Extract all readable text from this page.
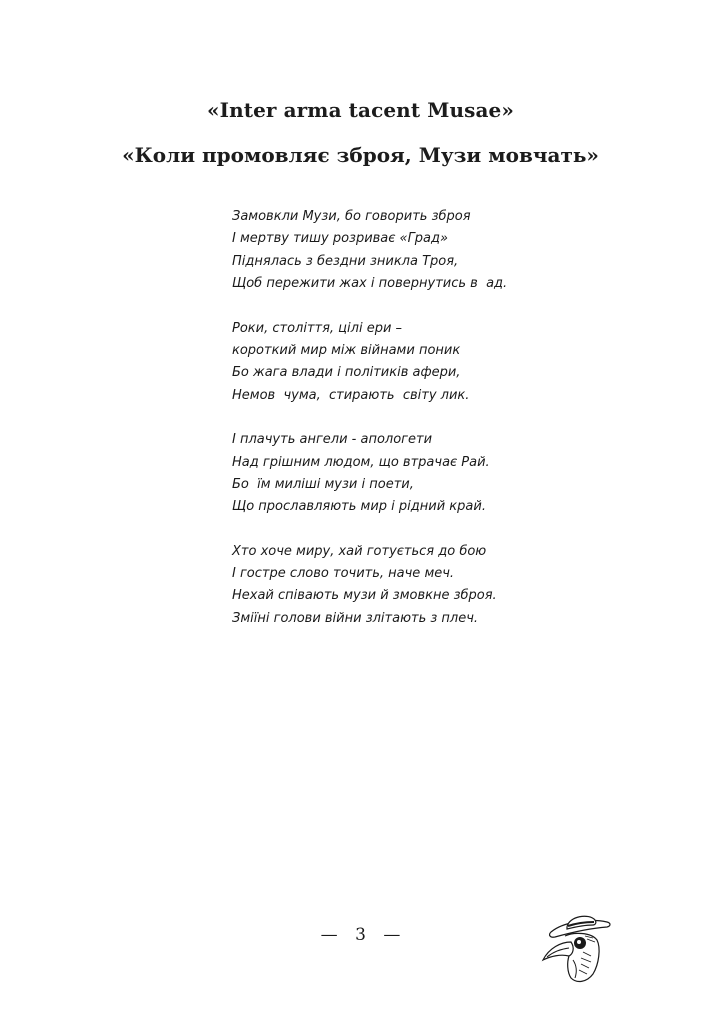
«Inter arma tacent Musae»
«Коли промовляє зброя, Музи мовчать»
Замовкли Музи, бо говорить зброя
І мертву тишу розриває «Град»
Піднялась з бездни зникла Троя,
Щоб пережити жах і повернутись в  ад.
Роки, століття, цілі ери –
короткий мир між війнами поник
Бо жага влади і політиків афери,
Немов  чума,  стирають  світу лик.
І плачуть ангели - апологети
Над грішним людом, що втрачає Рай.
Бо  їм миліші музи і поети,
Що прославляють мир і рідний край.
Хто хоче миру, хай готується до бою
І гостре слово точить, наче меч.
Нехай співають музи й змовкне зброя.
Зміїні голови війни злітають з плеч.
— 3 —
